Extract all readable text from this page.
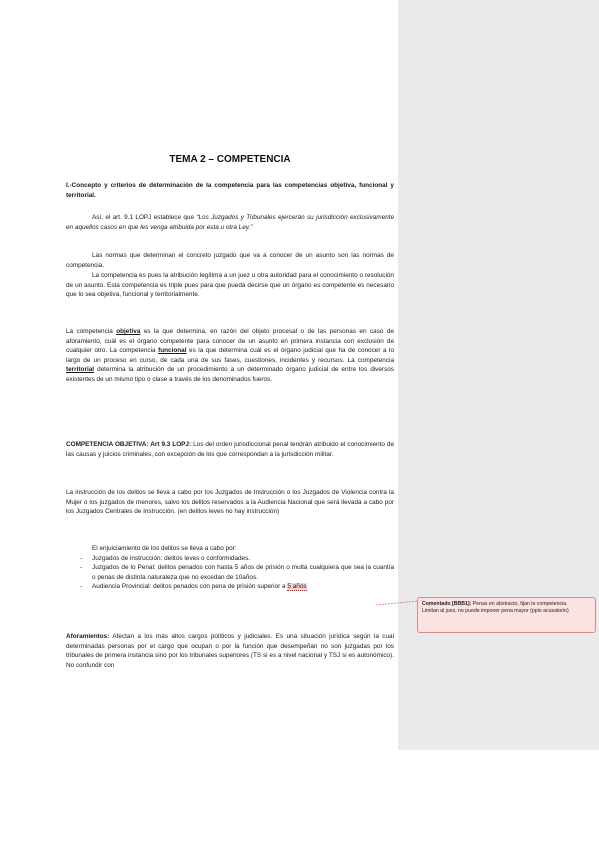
TEMA 2 – COMPETENCIA
I.-Concepto y criterios de determinación de la competencia para las competencias objetiva, funcional y territorial.
Así, el art. 9.1 LOPJ establece que “Los Juzgados y Tribunales ejercerán su jurisdicción exclusivamente en aquellos casos en que les venga atribuida por esta u otra Ley.”
Las normas que determinan el concreto juzgado que va a conocer de un asunto son las normas de competencia.
La competencia es pues la atribución legítima a un juez u otra autoridad para el conocimiento o resolución de un asunto. Esta competencia es triple pues para que pueda decirse que un órgano es competente es necesario que lo sea objetiva, funcional y territorialmente.
La competencia objetiva es la que determina, en razón del objeto procesal o de las personas en caso de aforamiento, cuál es el órgano competente para conocer de un asunto en primera instancia con exclusión de cualquier otro. La competencia funcional es la que determina cuál es el órgano judicial que ha de conocer a lo largo de un proceso en curso, de cada una de sus fases, cuestiones, incidentes y recursos. La competencia territorial determina la atribución de un procedimiento a un determinado órgano judicial de entre los diversos existentes de un mismo tipo o clase a través de los denominados fueros.
COMPETENCIA OBJETIVA: Art 9.3 LOPJ: Los del orden jurisdiccional penal tendrán atribuido el conocimiento de las causas y juicios criminales, con excepción de los que correspondan a la jurisdicción militar.
La instrucción de los delitos se lleva a cabo por los Juzgados de Instrucción o los Juzgados de Violencia contra la Mujer o los juzgados de menores, salvo los delitos reservados a la Audiencia Nacional que será llevada a cabo por los Juzgados Centrales de Instrucción. (en delitos leves no hay instrucción)
El enjuiciamiento de los delitos se lleva a cabo por:
- Juzgados de instrucción: delitos leves o conformidades.
- Juzgados de lo Penal: delitos penados con hasta 5 años de prisión o multa cualquiera que sea la cuantía o penas de distinta naturaleza que no excedan de 10años.
- Audiencia Provincial: delitos penados con pena de prisión superior a 5 años
Aforamientos: Afectan a los más altos cargos políticos y judiciales. Es una situación jurídica según la cual determinadas personas por el cargo que ocupan o por la función que desempeñan no son juzgadas por los tribunales de primera instancia sino por los tribunales superiores (TS si es a nivel nacional y TSJ si es autonómico). No confundir con
Comentado [BBB1]: Penas en abstracto, fijan la competencia.
Limitan al juez, no puede imponer pena mayor (ppio acusatorio)
